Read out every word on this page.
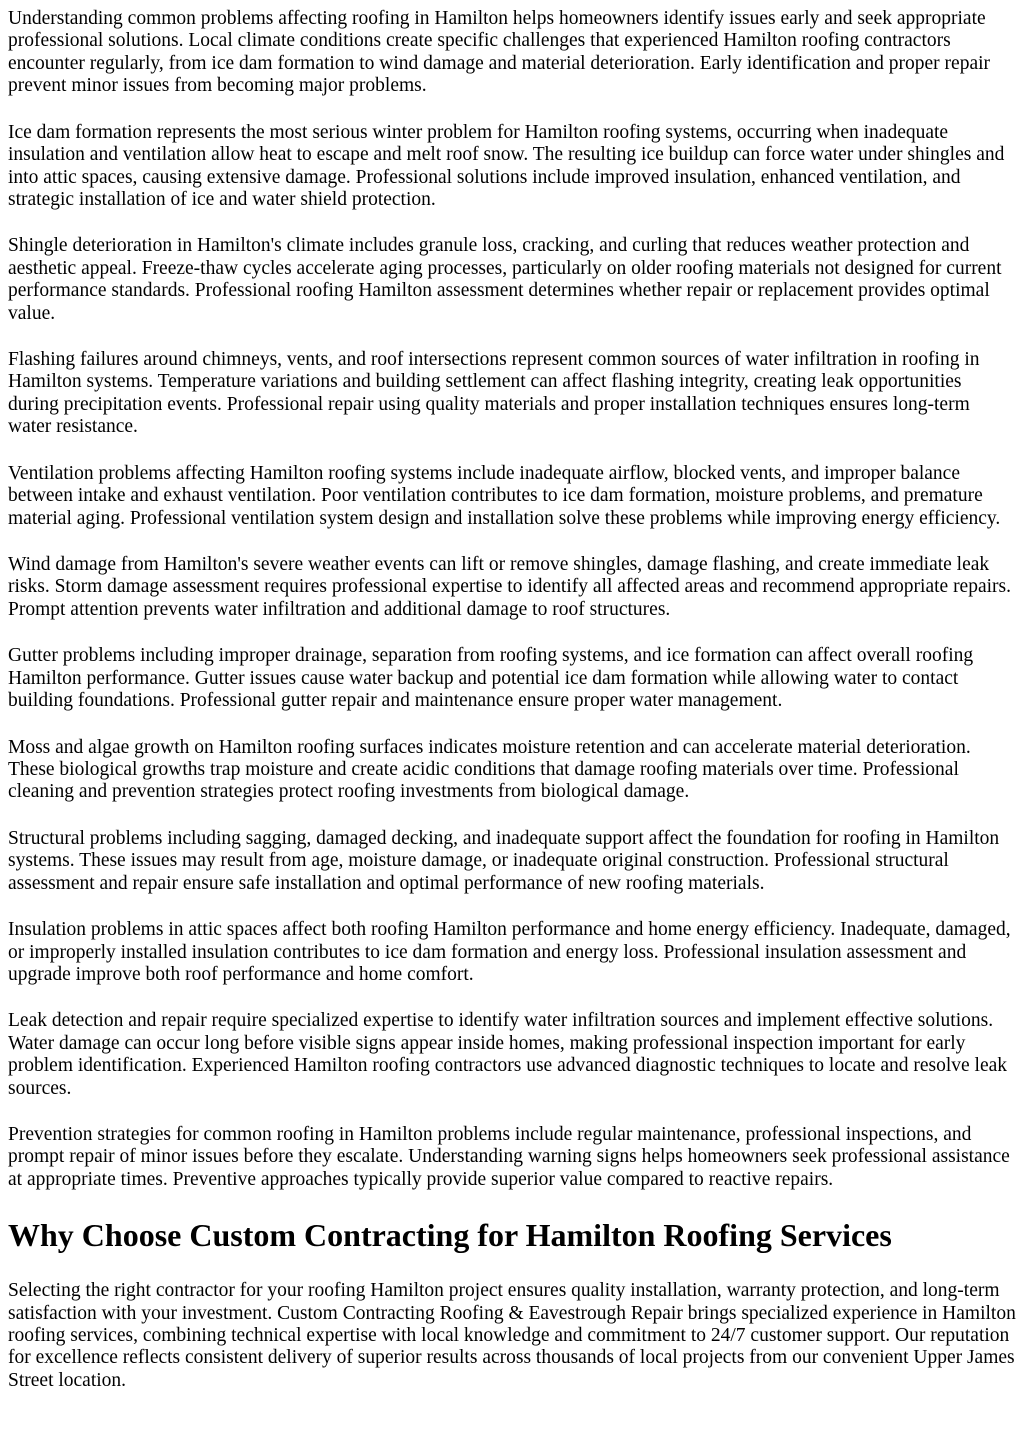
Understanding common problems affecting roofing in Hamilton helps homeowners identify issues early and seek appropriate professional solutions. Local climate conditions create specific challenges that experienced Hamilton roofing contractors encounter regularly, from ice dam formation to wind damage and material deterioration. Early identification and proper repair prevent minor issues from becoming major problems.

Ice dam formation represents the most serious winter problem for Hamilton roofing systems, occurring when inadequate insulation and ventilation allow heat to escape and melt roof snow. The resulting ice buildup can force water under shingles and into attic spaces, causing extensive damage. Professional solutions include improved insulation, enhanced ventilation, and strategic installation of ice and water shield protection.

Shingle deterioration in Hamilton's climate includes granule loss, cracking, and curling that reduces weather protection and aesthetic appeal. Freeze-thaw cycles accelerate aging processes, particularly on older roofing materials not designed for current performance standards. Professional roofing Hamilton assessment determines whether repair or replacement provides optimal value.

Flashing failures around chimneys, vents, and roof intersections represent common sources of water infiltration in roofing in Hamilton systems. Temperature variations and building settlement can affect flashing integrity, creating leak opportunities during precipitation events. Professional repair using quality materials and proper installation techniques ensures long-term water resistance.

Ventilation problems affecting Hamilton roofing systems include inadequate airflow, blocked vents, and improper balance between intake and exhaust ventilation. Poor ventilation contributes to ice dam formation, moisture problems, and premature material aging. Professional ventilation system design and installation solve these problems while improving energy efficiency.

Wind damage from Hamilton's severe weather events can lift or remove shingles, damage flashing, and create immediate leak risks. Storm damage assessment requires professional expertise to identify all affected areas and recommend appropriate repairs. Prompt attention prevents water infiltration and additional damage to roof structures.

Gutter problems including improper drainage, separation from roofing systems, and ice formation can affect overall roofing Hamilton performance. Gutter issues cause water backup and potential ice dam formation while allowing water to contact building foundations. Professional gutter repair and maintenance ensure proper water management.

Moss and algae growth on Hamilton roofing surfaces indicates moisture retention and can accelerate material deterioration. These biological growths trap moisture and create acidic conditions that damage roofing materials over time. Professional cleaning and prevention strategies protect roofing investments from biological damage.

Structural problems including sagging, damaged decking, and inadequate support affect the foundation for roofing in Hamilton systems. These issues may result from age, moisture damage, or inadequate original construction. Professional structural assessment and repair ensure safe installation and optimal performance of new roofing materials.

Insulation problems in attic spaces affect both roofing Hamilton performance and home energy efficiency. Inadequate, damaged, or improperly installed insulation contributes to ice dam formation and energy loss. Professional insulation assessment and upgrade improve both roof performance and home comfort.

Leak detection and repair require specialized expertise to identify water infiltration sources and implement effective solutions. Water damage can occur long before visible signs appear inside homes, making professional inspection important for early problem identification. Experienced Hamilton roofing contractors use advanced diagnostic techniques to locate and resolve leak sources.

Prevention strategies for common roofing in Hamilton problems include regular maintenance, professional inspections, and prompt repair of minor issues before they escalate. Understanding warning signs helps homeowners seek professional assistance at appropriate times. Preventive approaches typically provide superior value compared to reactive repairs.

Why Choose Custom Contracting for Hamilton Roofing Services

Selecting the right contractor for your roofing Hamilton project ensures quality installation, warranty protection, and long-term satisfaction with your investment. Custom Contracting Roofing & Eavestrough Repair brings specialized experience in Hamilton roofing services, combining technical expertise with local knowledge and commitment to 24/7 customer support. Our reputation for excellence reflects consistent delivery of superior results across thousands of local projects from our convenient Upper James Street location.
